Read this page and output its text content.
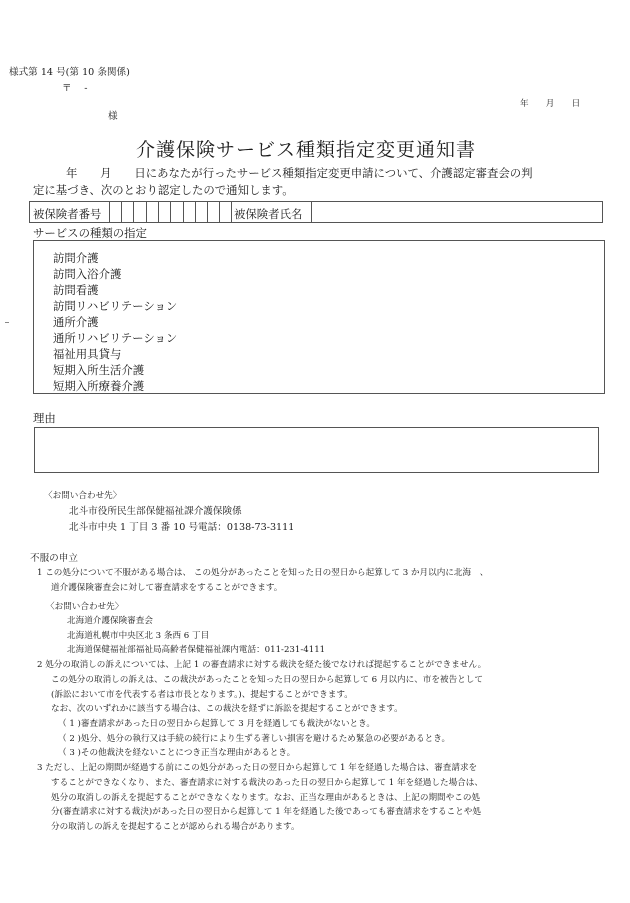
様式第 14 号(第 10 条関係)
〒　 -
年　　月　　日
様
介護保険サービス種類指定変更通知書
年　　月　　日にあなたが行ったサービス種類指定変更申請について、介護認定審査会の判
定に基づき、次のとおり認定したので通知します。
被保険者番号	被保険者氏名
サービスの種類の指定
訪問介護
訪問入浴介護
訪問看護
訪問リハビリテーション
通所介護
通所リハビリテーション
福祉用具貸与
短期入所生活介護
短期入所療養介護
理由
〈お問い合わせ先〉
北斗市役所民生部保健福祉課介護保険係
北斗市中央 1 丁目 3 番 10 号電話：0138-73-3111
不服の申立
1 この処分について不服がある場合は、 この処分があったことを知った日の翌日から起算して 3 か月以内に北海　、
道介護保険審査会に対して審査請求をすることができます。
〈お問い合わせ先〉
北海道介護保険審査会
北海道札幌市中央区北 3 条西 6 丁目
北海道保健福祉部福祉局高齢者保健福祉課内電話：011-231-4111
2 処分の取消しの訴えについては、上記 1 の審査請求に対する裁決を経た後でなければ提起することができません。
この処分の取消しの訴えは、この裁決があったことを知った日の翌日から起算して 6 月以内に、市を被告として
(訴訟において市を代表する者は市長となります。)、提起することができます。
なお、次のいずれかに該当する場合は、この裁決を経ずに訴訟を提起することができます。
（ 1 )審査請求があった日の翌日から起算して 3 月を経過しても裁決がないとき。
（ 2 )処分、処分の執行又は手続の続行により生ずる著しい損害を避けるため緊急の必要があるとき。
（ 3 )その他裁決を経ないことにつき正当な理由があるとき。
3 ただし、上記の期間が経過する前にこの処分があった日の翌日から起算して 1 年を経過した場合は、審査請求を
することができなくなり、また、審査請求に対する裁決のあった日の翌日から起算して 1 年を経過した場合は、
処分の取消しの訴えを提起することができなくなります。なお、正当な理由があるときは、上記の期間やこの処
分(審査請求に対する裁決)があった日の翌日から起算して 1 年を経過した後であっても審査請求をすることや処
分の取消しの訴えを提起することが認められる場合があります。
